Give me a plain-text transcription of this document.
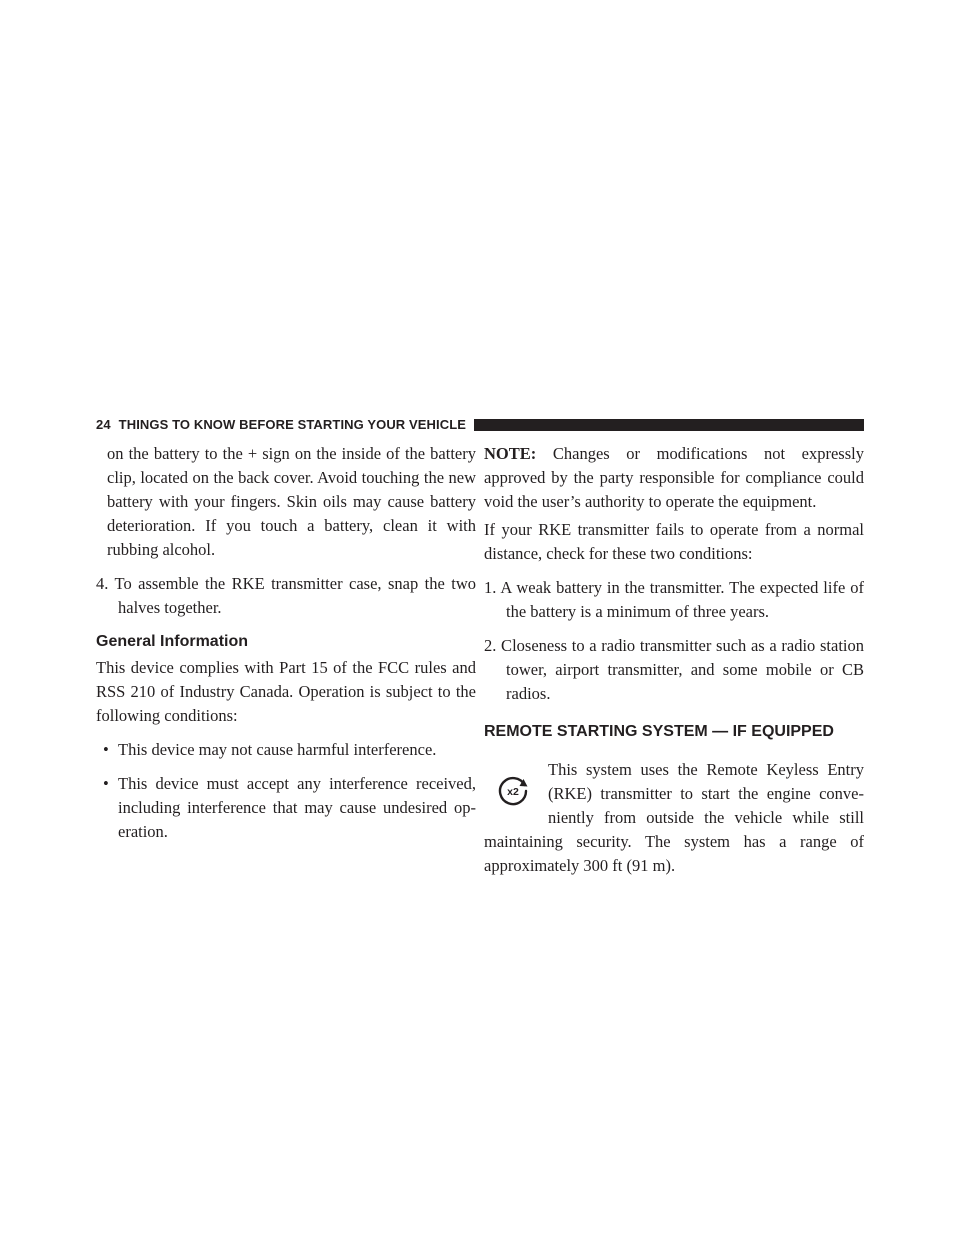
24 THINGS TO KNOW BEFORE STARTING YOUR VEHICLE

on the battery to the + sign on the inside of the battery clip, located on the back cover. Avoid touching the new battery with your fingers. Skin oils may cause battery deterioration. If you touch a battery, clean it with rubbing alcohol.

4. To assemble the RKE transmitter case, snap the two halves together.

General Information

This device complies with Part 15 of the FCC rules and RSS 210 of Industry Canada. Operation is subject to the following conditions:

• This device may not cause harmful interference.

• This device must accept any interference received, including interference that may cause undesired op-eration.

NOTE: Changes or modifications not expressly approved by the party responsible for compliance could void the user’s authority to operate the equipment.

If your RKE transmitter fails to operate from a normal distance, check for these two conditions:

1. A weak battery in the transmitter. The expected life of the battery is a minimum of three years.

2. Closeness to a radio transmitter such as a radio station tower, airport transmitter, and some mobile or CB radios.

REMOTE STARTING SYSTEM — IF EQUIPPED
x2

This system uses the Remote Keyless Entry (RKE) transmitter to start the engine conve-niently from outside the vehicle while still maintaining security. The system has a range of approximately 300 ft (91 m).
